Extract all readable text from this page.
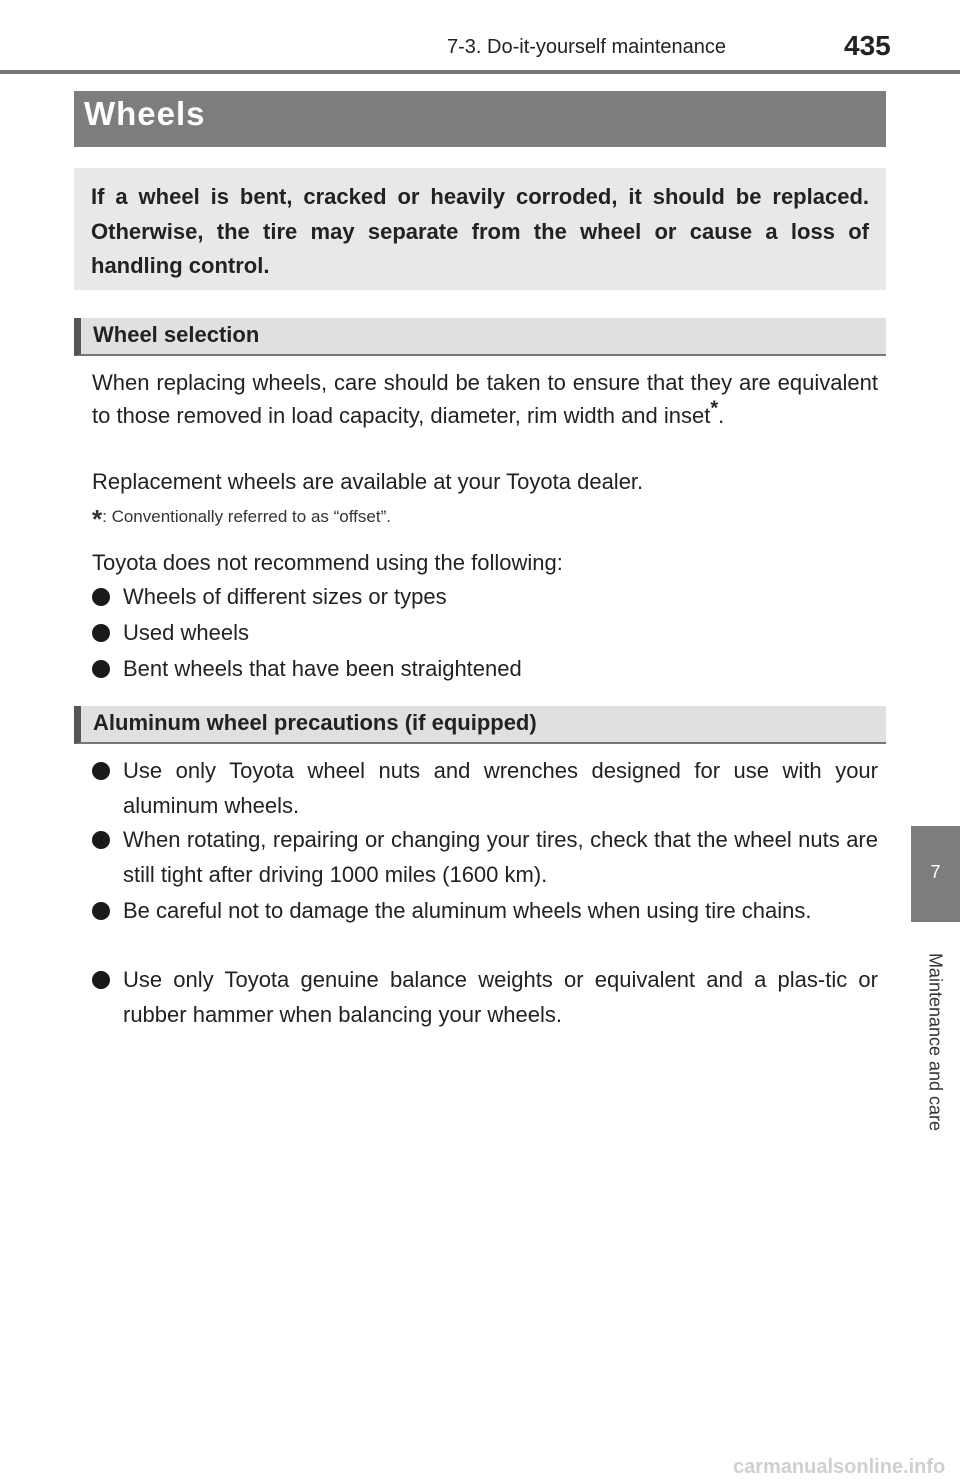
7-3. Do-it-yourself maintenance	435
Wheels
If a wheel is bent, cracked or heavily corroded, it should be replaced. Otherwise, the tire may separate from the wheel or cause a loss of handling control.
Wheel selection
When replacing wheels, care should be taken to ensure that they are equivalent to those removed in load capacity, diameter, rim width and inset*.
Replacement wheels are available at your Toyota dealer.
*: Conventionally referred to as “offset”.
Toyota does not recommend using the following:
Wheels of different sizes or types
Used wheels
Bent wheels that have been straightened
Aluminum wheel precautions (if equipped)
Use only Toyota wheel nuts and wrenches designed for use with your aluminum wheels.
When rotating, repairing or changing your tires, check that the wheel nuts are still tight after driving 1000 miles (1600 km).
Be careful not to damage the aluminum wheels when using tire chains.
Use only Toyota genuine balance weights or equivalent and a plas-tic or rubber hammer when balancing your wheels.
7
Maintenance and care
carmanualsonline.info
